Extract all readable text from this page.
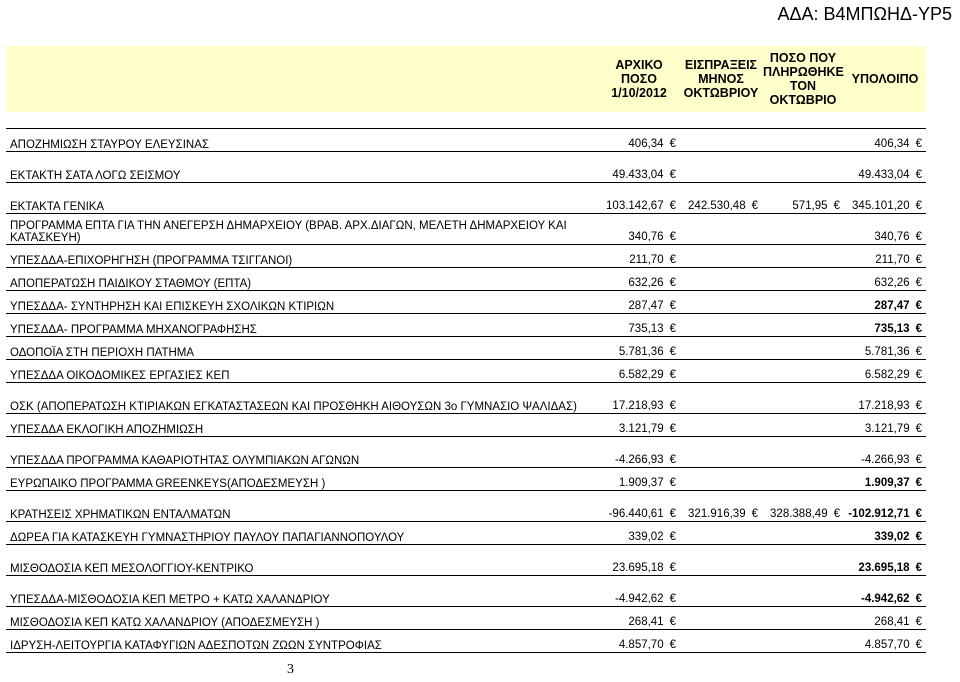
ΑΔΑ: Β4ΜΠΩΗΔ-ΥΡ5
	ΑΡΧΙΚΟ ΠΟΣΟ 1/10/2012	ΕΙΣΠΡΑΞΕΙΣ ΜΗΝΟΣ ΟΚΤΩΒΡΙΟΥ	ΠΟΣΟ ΠΟΥ ΠΛΗΡΩΘΗΚΕ ΤΟΝ ΟΚΤΩΒΡΙΟ	ΥΠΟΛΟΙΠΟ

ΑΠΟΖΗΜΙΩΣΗ ΣΤΑΥΡΟΥ ΕΛΕΥΣΙΝΑΣ	406,34 €			406,34 €
ΕΚΤΑΚΤΗ ΣΑΤΑ ΛΟΓΩ ΣΕΙΣΜΟΥ	49.433,04 €			49.433,04 €
ΕΚΤΑΚΤΑ ΓΕΝΙΚΑ	103.142,67 €	242.530,48 €	571,95 €	345.101,20 €
ΠΡΟΓΡΑΜΜΑ ΕΠΤΑ ΓΙΑ ΤΗΝ ΑΝΕΓΕΡΣΗ ΔΗΜΑΡΧΕΙΟΥ (ΒΡΑΒ. ΑΡΧ.ΔΙΑΓΩΝ, ΜΕΛΕΤΗ ΔΗΜΑΡΧΕΙΟΥ ΚΑΙ ΚΑΤΑΣΚΕΥΗ)	340,76 €			340,76 €
ΥΠΕΣΔΔΑ-ΕΠΙΧΟΡΗΓΗΣΗ (ΠΡΟΓΡΑΜΜΑ ΤΣΙΓΓΑΝΟΙ)	211,70 €			211,70 €
ΑΠΟΠΕΡΑΤΩΣΗ ΠΑΙΔΙΚΟΥ ΣΤΑΘΜΟΥ (ΕΠΤΑ)	632,26 €			632,26 €
ΥΠΕΣΔΔΑ- ΣΥΝΤΗΡΗΣΗ ΚΑΙ ΕΠΙΣΚΕΥΗ ΣΧΟΛΙΚΩΝ ΚΤΙΡΙΩΝ	287,47 €			287,47 €
ΥΠΕΣΔΔΑ- ΠΡΟΓΡΑΜΜΑ ΜΗΧΑΝΟΓΡΑΦΗΣΗΣ	735,13 €			735,13 €
ΟΔΟΠΟΪΑ ΣΤΗ ΠΕΡΙΟΧΗ ΠΑΤΗΜΑ	5.781,36 €			5.781,36 €
ΥΠΕΣΔΔΑ ΟΙΚΟΔΟΜΙΚΕΣ ΕΡΓΑΣΙΕΣ ΚΕΠ	6.582,29 €			6.582,29 €
ΟΣΚ (ΑΠΟΠΕΡΑΤΩΣΗ ΚΤΙΡΙΑΚΩΝ ΕΓΚΑΤΑΣΤΑΣΕΩΝ ΚΑΙ ΠΡΟΣΘΗΚΗ ΑΙΘΟΥΣΩΝ 3ο ΓΥΜΝΑΣΙΟ ΨΑΛΙΔΑΣ)	17.218,93 €			17.218,93 €
ΥΠΕΣΔΔΑ ΕΚΛΟΓΙΚΗ ΑΠΟΖΗΜΙΩΣΗ	3.121,79 €			3.121,79 €
ΥΠΕΣΔΔΑ ΠΡΟΓΡΑΜΜΑ ΚΑΘΑΡΙΟΤΗΤΑΣ ΟΛΥΜΠΙΑΚΩΝ ΑΓΩΝΩΝ	-4.266,93 €			-4.266,93 €
ΕΥΡΩΠΑΙΚΟ ΠΡΟΓΡΑΜΜΑ GREENKEYS(ΑΠΟΔΕΣΜΕΥΣΗ )	1.909,37 €			1.909,37 €
ΚΡΑΤΗΣΕΙΣ ΧΡΗΜΑΤΙΚΩΝ ΕΝΤΑΛΜΑΤΩΝ	-96.440,61 €	321.916,39 €	328.388,49 €	-102.912,71 €
ΔΩΡΕΑ ΓΙΑ ΚΑΤΑΣΚΕΥΗ ΓΥΜΝΑΣΤΗΡΙΟΥ ΠΑΥΛΟΥ ΠΑΠΑΓΙΑΝΝΟΠΟΥΛΟΥ	339,02 €			339,02 €
ΜΙΣΘΟΔΟΣΙΑ ΚΕΠ ΜΕΣΟΛΟΓΓΙΟΥ-ΚΕΝΤΡΙΚΟ	23.695,18 €			23.695,18 €
ΥΠΕΣΔΔΑ-ΜΙΣΘΟΔΟΣΙΑ ΚΕΠ ΜΕΤΡΟ + ΚΑΤΩ ΧΑΛΑΝΔΡΙΟΥ	-4.942,62 €			-4.942,62 €
ΜΙΣΘΟΔΟΣΙΑ ΚΕΠ ΚΑΤΩ ΧΑΛΑΝΔΡΙΟΥ (ΑΠΟΔΕΣΜΕΥΣΗ )	268,41 €			268,41 €
ΙΔΡΥΣΗ-ΛΕΙΤΟΥΡΓΙΑ ΚΑΤΑΦΥΓΙΩΝ ΑΔΕΣΠΟΤΩΝ ΖΩΩΝ ΣΥΝΤΡΟΦΙΑΣ	4.857,70 €			4.857,70 €
3
